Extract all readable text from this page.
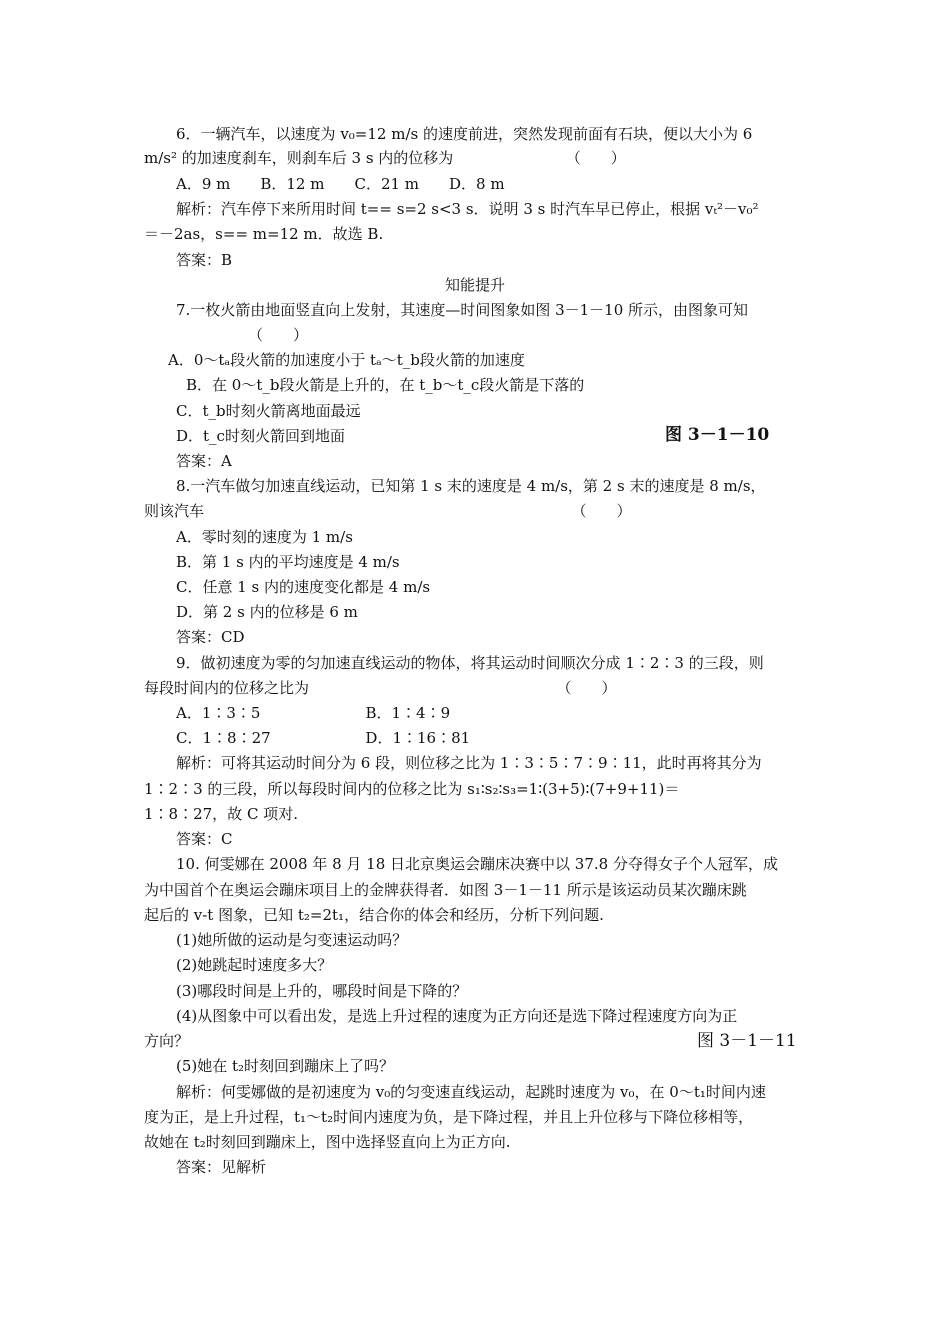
6．一辆汽车，以速度为 v₀=12 m/s 的速度前进，突然发现前面有石块，便以大小为 6
m/s² 的加速度刹车，则刹车后 3 s 内的位移为　　　　　　　　（　　）
A．9 m　　B．12 m　　C．21 m　　D．8 m
解析：汽车停下来所用时间 t== s=2 s<3 s．说明 3 s 时汽车早已停止，根据 vₜ²－v₀²
＝－2as，s== m=12 m．故选 B.
答案：B
知能提升
7.一枚火箭由地面竖直向上发射，其速度—时间图象如图 3－1－10 所示，由图象可知
（　　）
A．0～tₐ段火箭的加速度小于 tₐ～t_b段火箭的加速度
B．在 0～t_b段火箭是上升的，在 t_b～t_c段火箭是下落的
C．t_b时刻火箭离地面最远
D．t_c时刻火箭回到地面	图 3－1－10
答案：A
8.一汽车做匀加速直线运动，已知第 1 s 末的速度是 4 m/s，第 2 s 末的速度是 8 m/s，
则该汽车　　　　　　　　　　　　　　　　　　　　　　　　　（　　）
A．零时刻的速度为 1 m/s
B．第 1 s 内的平均速度是 4 m/s
C．任意 1 s 内的速度变化都是 4 m/s
D．第 2 s 内的位移是 6 m
答案：CD
9．做初速度为零的匀加速直线运动的物体，将其运动时间顺次分成 1∶2∶3 的三段，则
每段时间内的位移之比为　　　　　　　　　　　　　　　　　（　　）
A．1∶3∶5　　　　　　　B．1∶4∶9
C．1∶8∶27　　　　　　 D．1∶16∶81
解析：可将其运动时间分为 6 段，则位移之比为 1∶3∶5∶7∶9∶11，此时再将其分为
1∶2∶3 的三段，所以每段时间内的位移之比为 s₁∶s₂∶s₃=1∶(3+5)∶(7+9+11)＝
1∶8∶27，故 C 项对.
答案：C
10. 何雯娜在 2008 年 8 月 18 日北京奥运会蹦床决赛中以 37.8 分夺得女子个人冠军，成
为中国首个在奥运会蹦床项目上的金牌获得者．如图 3－1－11 所示是该运动员某次蹦床跳
起后的 v-t 图象，已知 t₂=2t₁，结合你的体会和经历，分析下列问题.
(1)她所做的运动是匀变速运动吗？
(2)她跳起时速度多大？
(3)哪段时间是上升的，哪段时间是下降的？
(4)从图象中可以看出发，是选上升过程的速度为正方向还是选下降过程速度方向为正
方向？	图 3－1－11
(5)她在 t₂时刻回到蹦床上了吗？
解析：何雯娜做的是初速度为 v₀的匀变速直线运动，起跳时速度为 v₀，在 0～t₁时间内速
度为正，是上升过程，t₁～t₂时间内速度为负，是下降过程，并且上升位移与下降位移相等，
故她在 t₂时刻回到蹦床上，图中选择竖直向上为正方向.
答案：见解析
